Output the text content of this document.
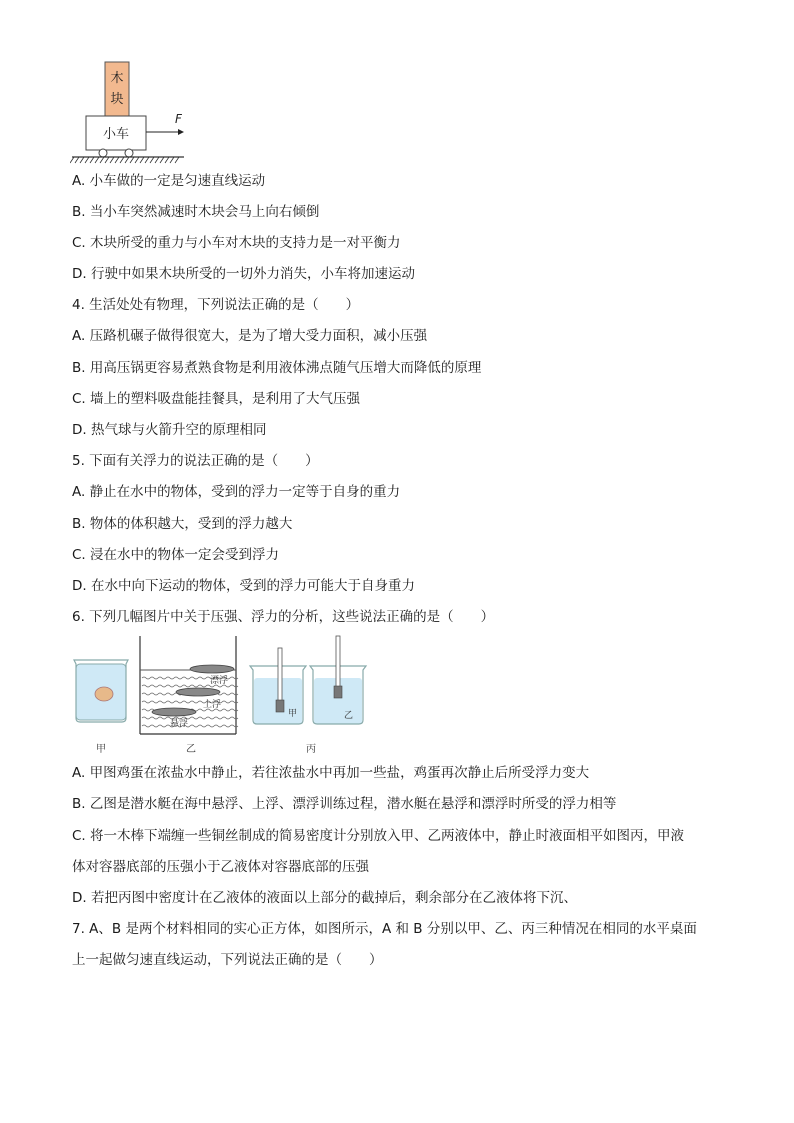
木
块
小车
F
A. 小车做的一定是匀速直线运动
B. 当小车突然减速时木块会马上向右倾倒
C. 木块所受的重力与小车对木块的支持力是一对平衡力
D. 行驶中如果木块所受的一切外力消失，小车将加速运动
4. 生活处处有物理，下列说法正确的是（　　）
A. 压路机碾子做得很宽大，是为了增大受力面积，减小压强
B. 用高压锅更容易煮熟食物是利用液体沸点随气压增大而降低的原理
C. 墙上的塑料吸盘能挂餐具，是利用了大气压强
D. 热气球与火箭升空的原理相同
5. 下面有关浮力的说法正确的是（　　）
A. 静止在水中的物体，受到的浮力一定等于自身的重力
B. 物体的体积越大，受到的浮力越大
C. 浸在水中的物体一定会受到浮力
D. 在水中向下运动的物体，受到的浮力可能大于自身重力
6. 下列几幅图片中关于压强、浮力的分析，这些说法正确的是（　　）
甲
漂浮
上浮
悬浮
乙
甲	乙
丙
A. 甲图鸡蛋在浓盐水中静止，若往浓盐水中再加一些盐，鸡蛋再次静止后所受浮力变大
B. 乙图是潜水艇在海中悬浮、上浮、漂浮训练过程，潜水艇在悬浮和漂浮时所受的浮力相等
C. 将一木棒下端缠一些铜丝制成的简易密度计分别放入甲、乙两液体中，静止时液面相平如图丙，甲液
体对容器底部的压强小于乙液体对容器底部的压强
D. 若把丙图中密度计在乙液体的液面以上部分的截掉后，剩余部分在乙液体将下沉、
7. A、B 是两个材料相同的实心正方体，如图所示，A 和 B 分别以甲、乙、丙三种情况在相同的水平桌面
上一起做匀速直线运动，下列说法正确的是（　　）
